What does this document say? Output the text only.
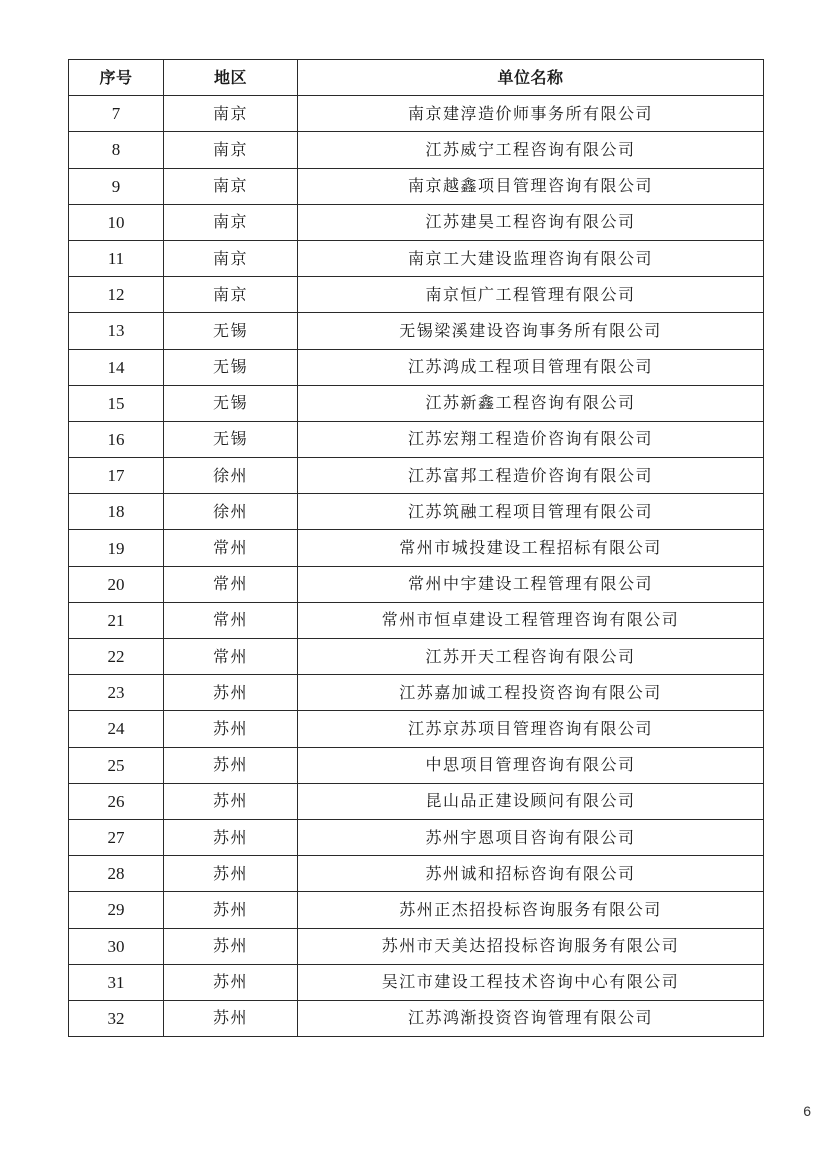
序号	地区	单位名称
7	南京	南京建淳造价师事务所有限公司
8	南京	江苏威宁工程咨询有限公司
9	南京	南京越鑫项目管理咨询有限公司
10	南京	江苏建昊工程咨询有限公司
11	南京	南京工大建设监理咨询有限公司
12	南京	南京恒广工程管理有限公司
13	无锡	无锡梁溪建设咨询事务所有限公司
14	无锡	江苏鸿成工程项目管理有限公司
15	无锡	江苏新鑫工程咨询有限公司
16	无锡	江苏宏翔工程造价咨询有限公司
17	徐州	江苏富邦工程造价咨询有限公司
18	徐州	江苏筑融工程项目管理有限公司
19	常州	常州市城投建设工程招标有限公司
20	常州	常州中宇建设工程管理有限公司
21	常州	常州市恒卓建设工程管理咨询有限公司
22	常州	江苏开天工程咨询有限公司
23	苏州	江苏嘉加诚工程投资咨询有限公司
24	苏州	江苏京苏项目管理咨询有限公司
25	苏州	中思项目管理咨询有限公司
26	苏州	昆山品正建设顾问有限公司
27	苏州	苏州宇恩项目咨询有限公司
28	苏州	苏州诚和招标咨询有限公司
29	苏州	苏州正杰招投标咨询服务有限公司
30	苏州	苏州市天美达招投标咨询服务有限公司
31	苏州	吴江市建设工程技术咨询中心有限公司
32	苏州	江苏鸿渐投资咨询管理有限公司
6
